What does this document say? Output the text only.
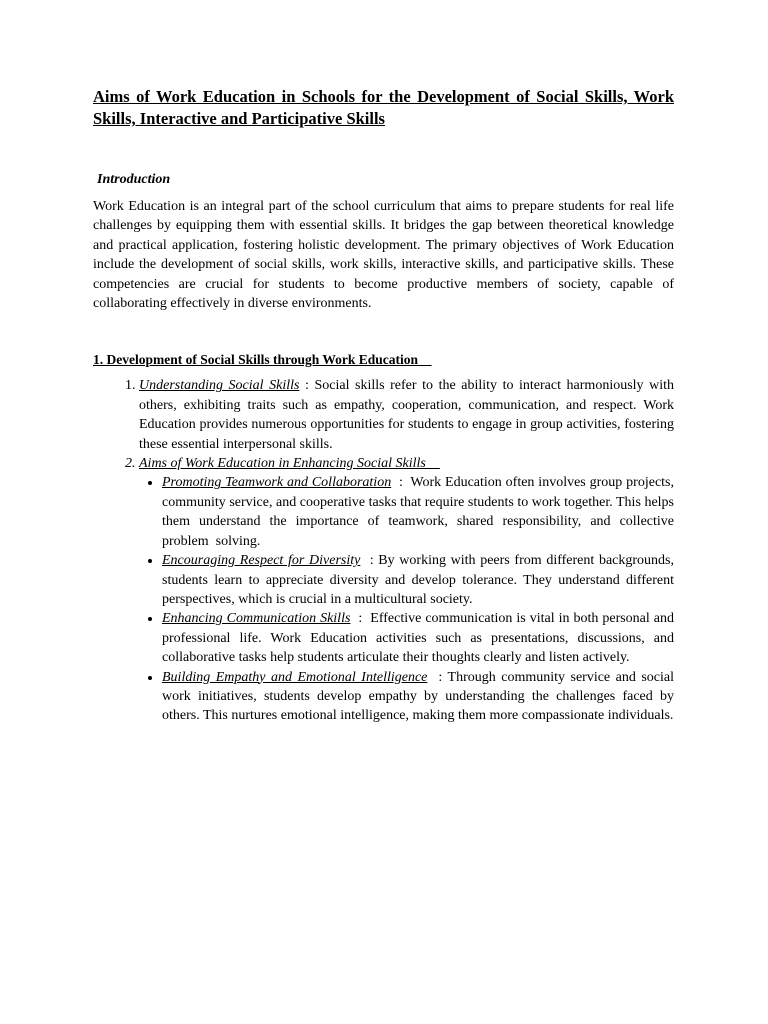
Aims of Work Education in Schools for the Development of Social Skills, Work Skills, Interactive and Participative Skills
Introduction

Work Education is an integral part of the school curriculum that aims to prepare students for real life challenges by equipping them with essential skills. It bridges the gap between theoretical knowledge and practical application, fostering holistic development. The primary objectives of Work Education include the development of social skills, work skills, interactive skills, and participative skills. These competencies are crucial for students to become productive members of society, capable of collaborating effectively in diverse environments.

1. Development of Social Skills through Work Education
1. Understanding Social Skills : Social skills refer to the ability to interact harmoniously with others, exhibiting traits such as empathy, cooperation, communication, and respect. Work Education provides numerous opportunities for students to engage in group activities, fostering these essential interpersonal skills.
2. Aims of Work Education in Enhancing Social Skills
• Promoting Teamwork and Collaboration  :  Work Education often involves group projects, community service, and cooperative tasks that require students to work together. This helps them understand the importance of teamwork, shared responsibility, and collective problem  solving.
• Encouraging Respect for Diversity  : By working with peers from different backgrounds, students learn to appreciate diversity and develop tolerance. They understand different perspectives, which is crucial in a multicultural society.
• Enhancing Communication Skills  :  Effective communication is vital in both personal and professional life. Work Education activities such as presentations, discussions, and collaborative tasks help students articulate their thoughts clearly and listen actively.
• Building Empathy and Emotional Intelligence  : Through community service and social work initiatives, students develop empathy by understanding the challenges faced by others. This nurtures emotional intelligence, making them more compassionate individuals.
